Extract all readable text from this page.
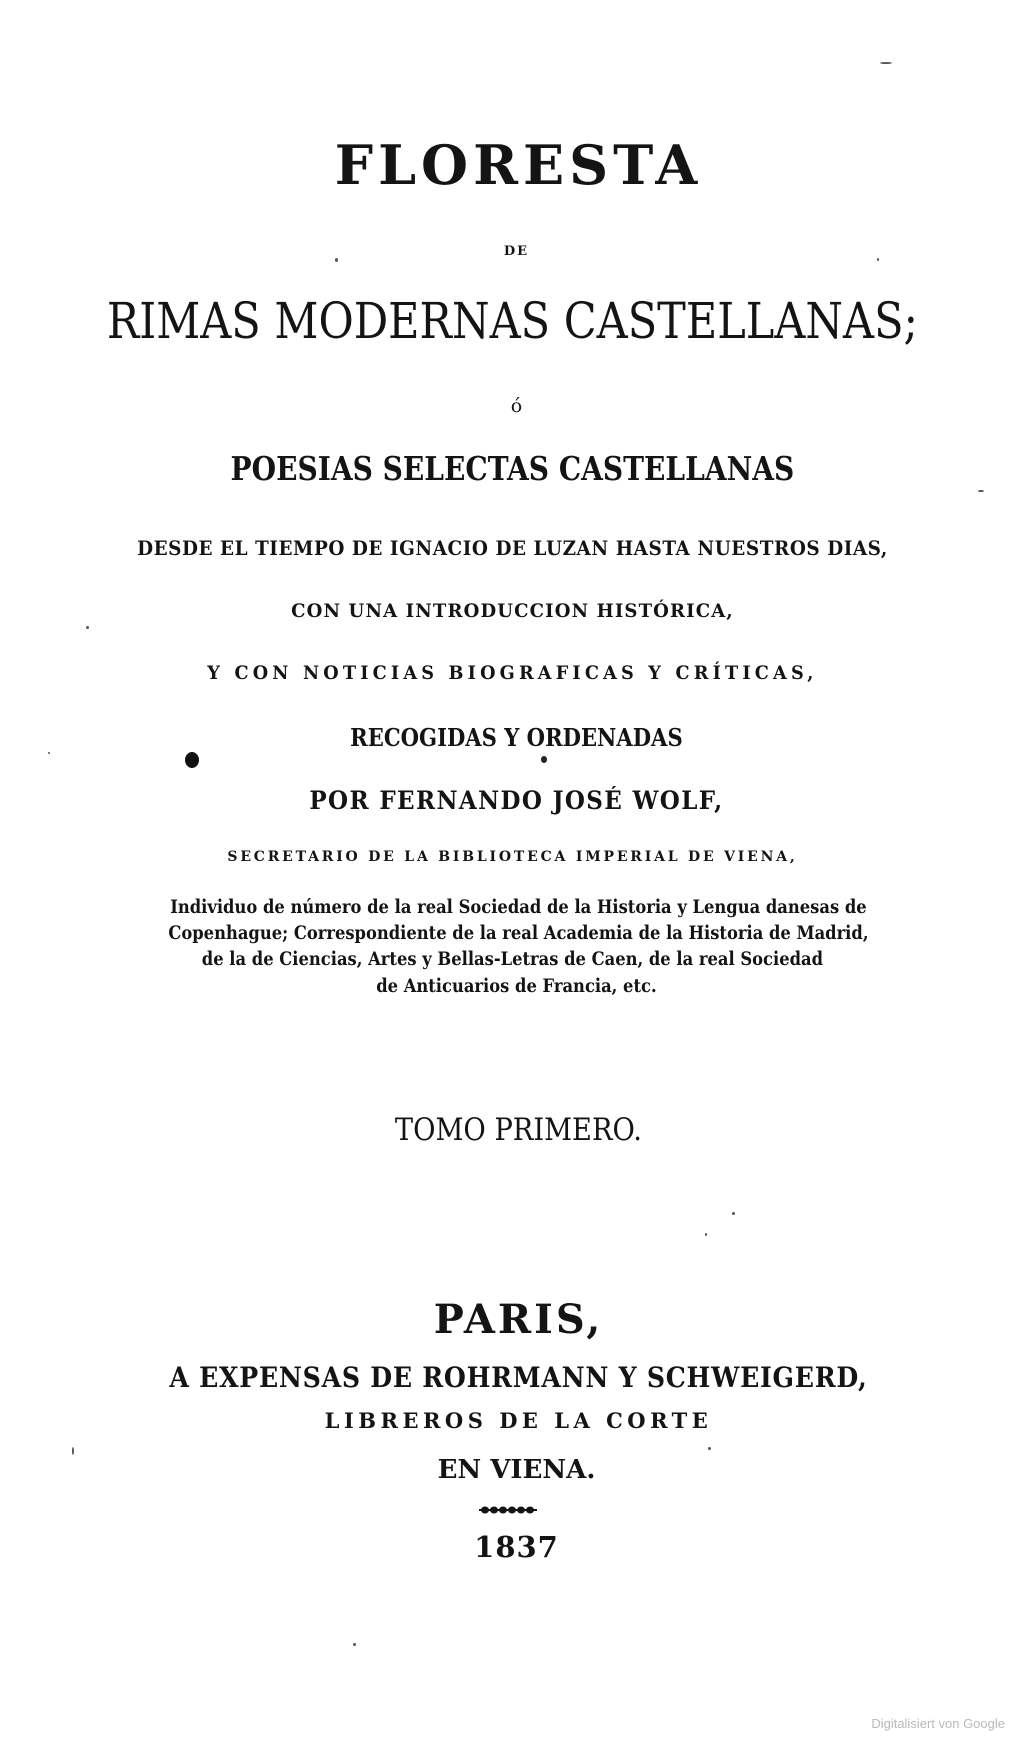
FLORESTA
DE
RIMAS MODERNAS CASTELLANAS;
ó
POESIAS SELECTAS CASTELLANAS
DESDE EL TIEMPO DE IGNACIO DE LUZAN HASTA NUESTROS DIAS,
CON UNA INTRODUCCION HISTÓRICA,
Y CON NOTICIAS BIOGRAFICAS Y CRÍTICAS,
RECOGIDAS Y ORDENADAS
POR FERNANDO JOSÉ WOLF,
SECRETARIO DE LA BIBLIOTECA IMPERIAL DE VIENA,
Individuo de número de la real Sociedad de la Historia y Lengua danesas de
Copenhague; Correspondiente de la real Academia de la Historia de Madrid,
de la de Ciencias, Artes y Bellas-Letras de Caen, de la real Sociedad
de Anticuarios de Francia, etc.
TOMO PRIMERO.
PARIS,
A EXPENSAS DE ROHRMANN Y SCHWEIGERD,
LIBREROS DE LA CORTE
EN VIENA.
1837
Digitalisiert von Google
